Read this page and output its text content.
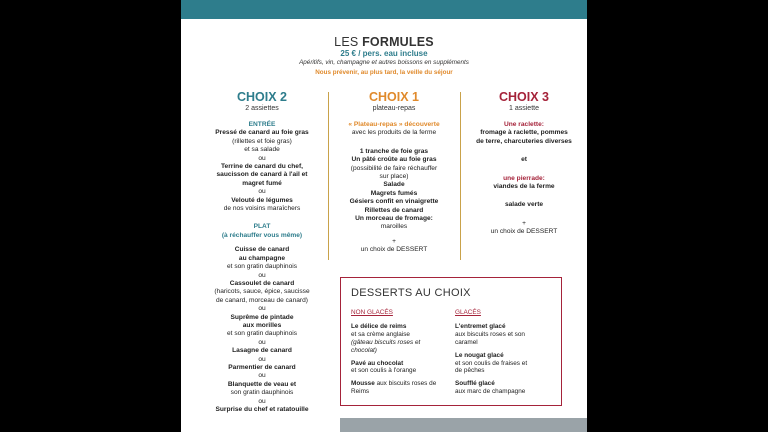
LES FORMULES
25 € / pers. eau incluse
Apéritifs, vin, champagne et autres boissons en suppléments
Nous prévenir, au plus tard, la veille du séjour
CHOIX 2
2 assiettes
ENTRÉE
Pressé de canard au foie gras
(rillettes et foie gras)
et sa salade
ou
Terrine de canard du chef,
saucisson de canard à l'ail et
magret fumé
ou
Velouté de légumes
de nos voisins maraîchers
PLAT
(à réchauffer vous même)
Cuisse de canard
au champagne
et son gratin dauphinois
ou
Cassoulet de canard
(haricots, sauce, épice, saucisse
de canard, morceau de canard)
ou
Suprême de pintade
aux morilles
et son gratin dauphinois
ou
Lasagne de canard
ou
Parmentier de canard
ou
Blanquette de veau et
son gratin dauphinois
ou
Surprise du chef et ratatouille
CHOIX 1
plateau-repas
« Plateau-repas » découverte
avec les produits de la ferme
1 tranche de foie gras
Un pâté croûte au foie gras
(possibilité de faire réchauffer
sur place)
Salade
Magrets fumés
Gésiers confit en vinaigrette
Rillettes de canard
Un morceau de fromage:
maroilles
+
un choix de DESSERT
CHOIX 3
1 assiette
Une raclette:
fromage à raclette, pommes
de terre, charcuteries diverses
et
une pierrade:
viandes de la ferme
salade verte
+
un choix de DESSERT
DESSERTS AU CHOIX
NON GLACÉS
Le délice de reims
et sa crème anglaise
(gâteau biscuits roses et
chocolat)
Pavé au chocolat
et son coulis à l'orange
Mousse aux biscuits roses de
Reims
GLACÉS
L'entremet glacé
aux biscuits roses et son
caramel
Le nougat glacé
et son coulis de fraises et
de pêches
Soufflé glacé
aux marc de champagne
